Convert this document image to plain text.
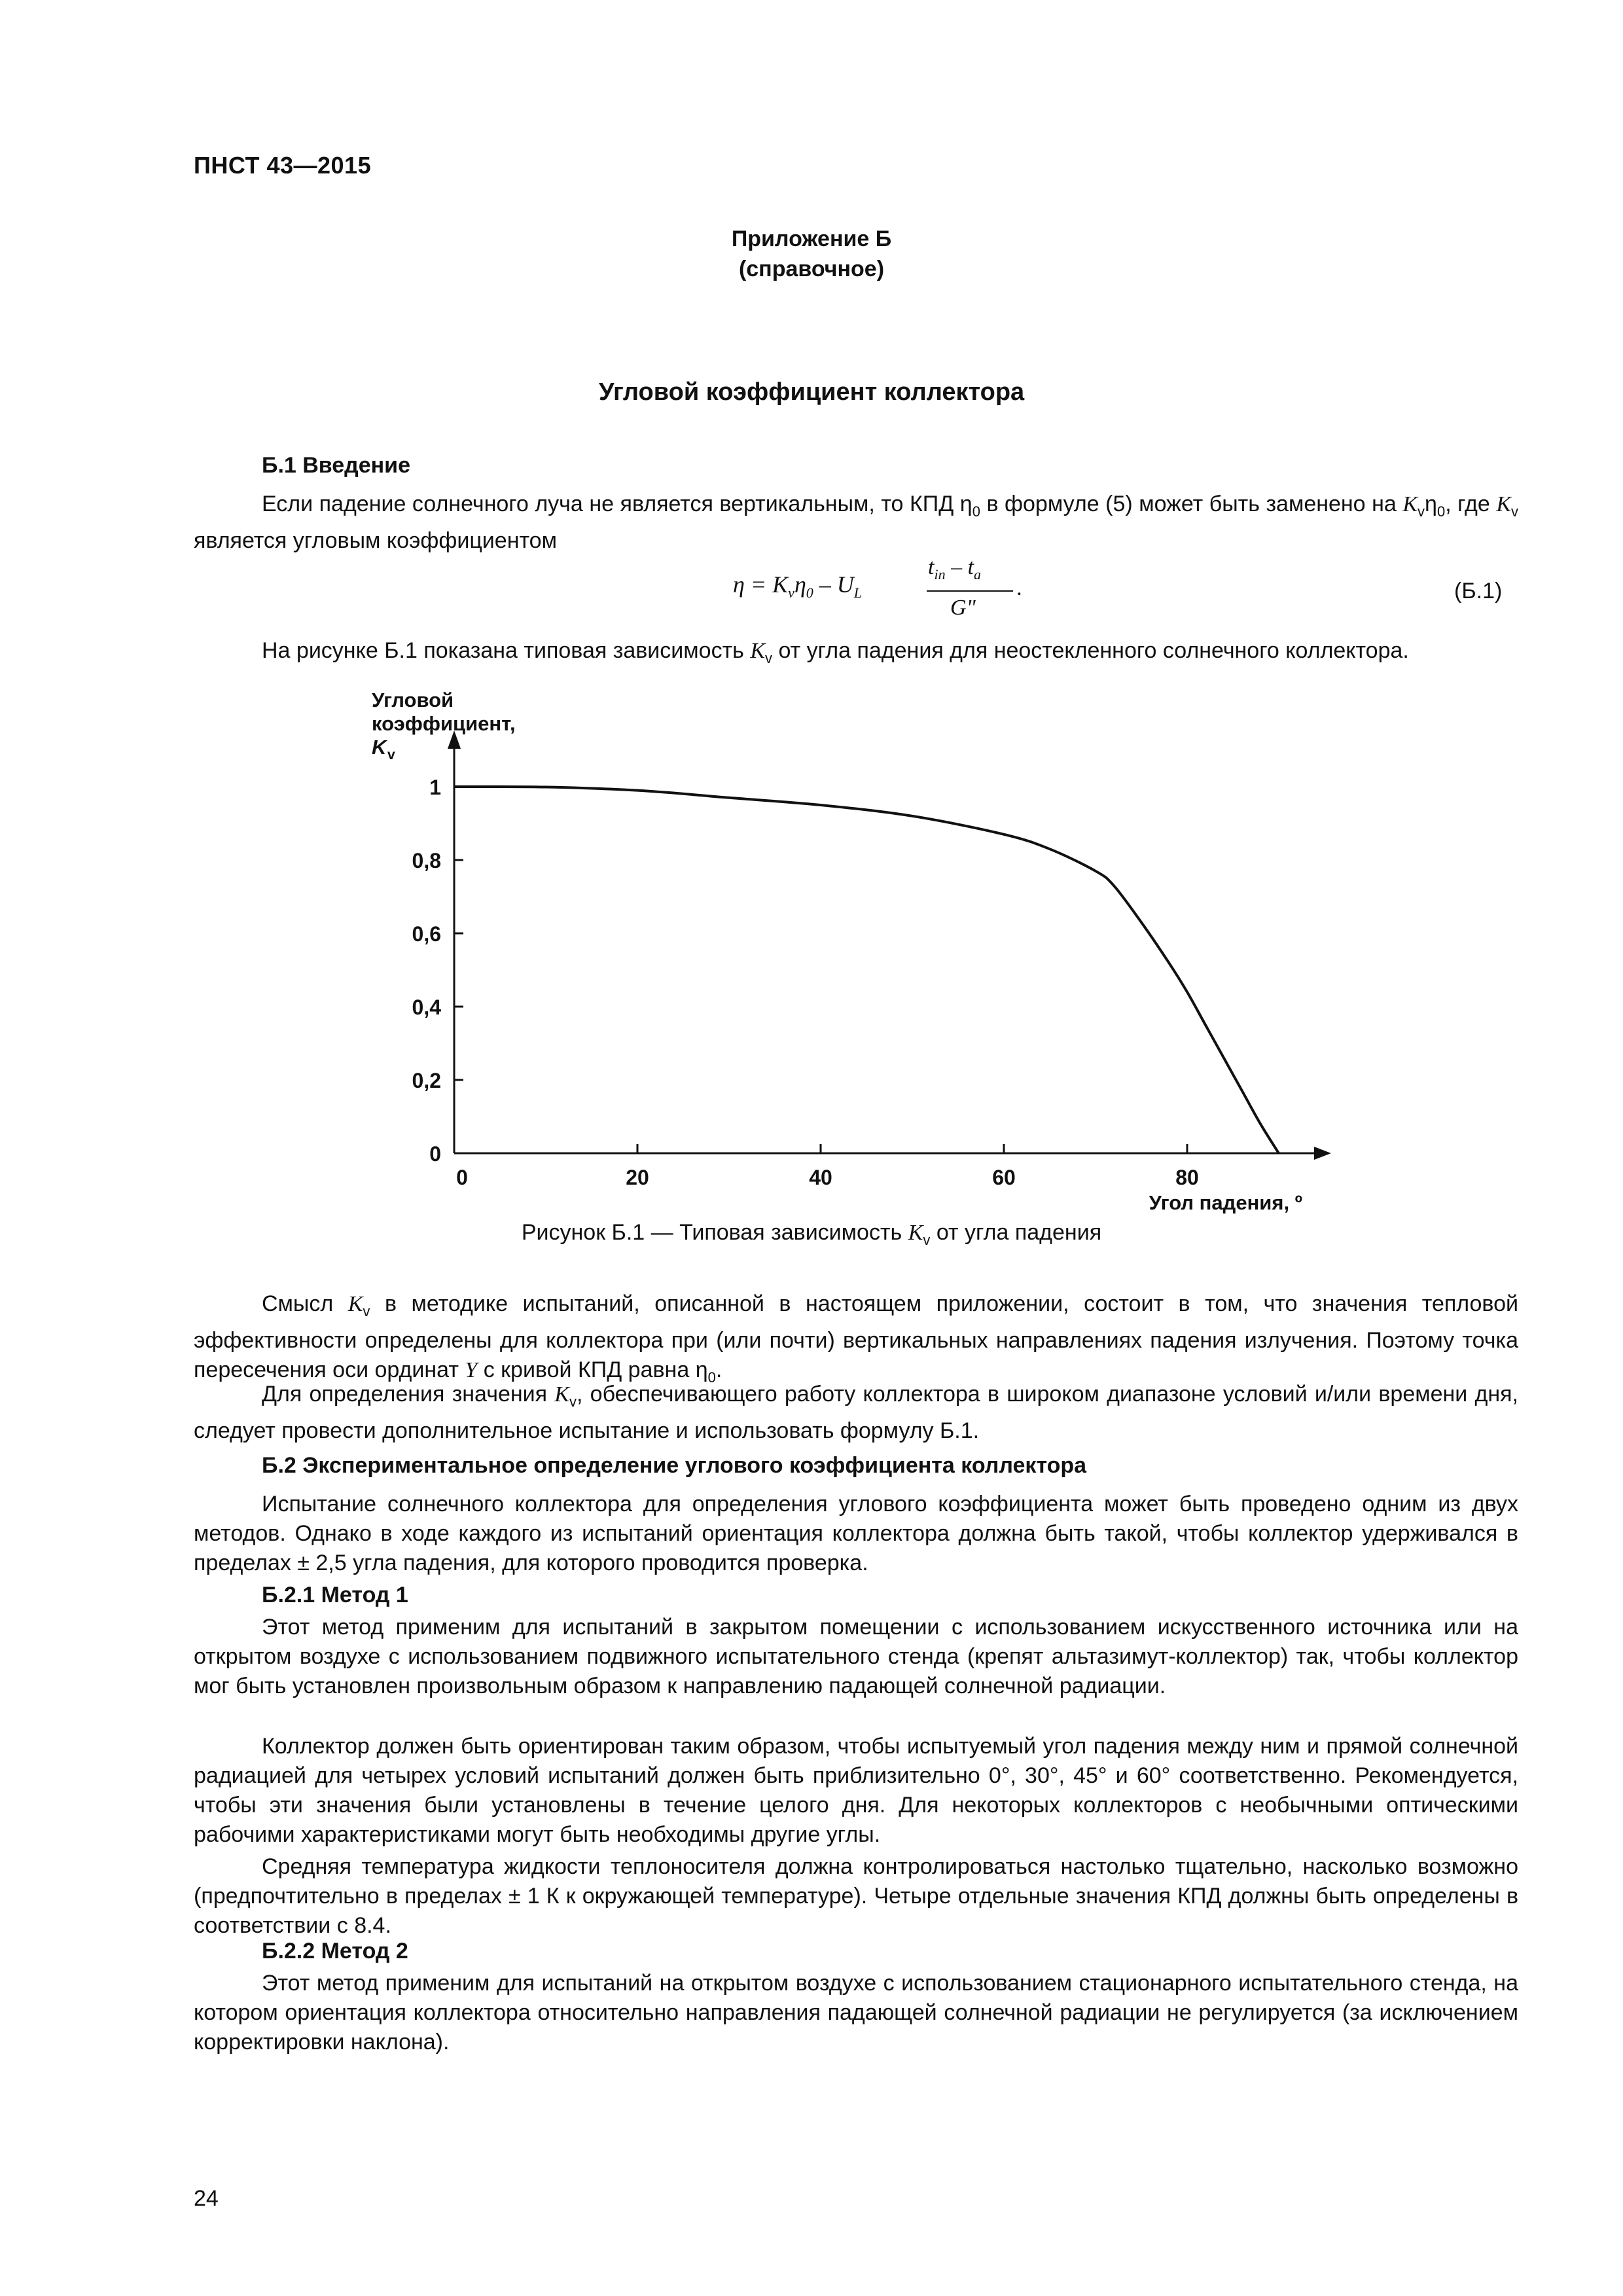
ПНСТ 43—2015
Приложение Б
(справочное)
Угловой коэффициент коллектора
Б.1 Введение
Если падение солнечного луча не является вертикальным, то КПД $\eta_0$ в формуле (5) может быть заменено на $K_v\eta_0$, где $K_v$ является угловым коэффициентом
$\eta = K_v\eta_0 - U_L$
$t_{in} - t_a$
G"
.	(Б.1)
На рисунке Б.1 показана типовая зависимость $K_v$ от угла падения для неостекленного солнечного коллектора.
0
0,2
0,4
0,6
0,8
1
0	20	40	60	80
Угловой
коэффициент,
K v
Угол падения, º
Рисунок Б.1 — Типовая зависимость $K_v$ от угла падения
Смысл $K_v$ в методике испытаний, описанной в настоящем приложении, состоит в том, что значения тепловой эффективности определены для коллектора при (или почти) вертикальных направлениях падения излучения. Поэтому точка пересечения оси ординат Y с кривой КПД равна $\eta_0$.
Для определения значения $K_v$, обеспечивающего работу коллектора в широком диапазоне условий и/или времени дня, следует провести дополнительное испытание и использовать формулу Б.1.
Б.2 Экспериментальное определение углового коэффициента коллектора
Испытание солнечного коллектора для определения углового коэффициента может быть проведено одним из двух методов. Однако в ходе каждого из испытаний ориентация коллектора должна быть такой, чтобы коллектор удерживался в пределах ± 2,5 угла падения, для которого проводится проверка.
Б.2.1 Метод 1
Этот метод применим для испытаний в закрытом помещении с использованием искусственного источника или на открытом воздухе с использованием подвижного испытательного стенда (крепят альтазимут-коллектор) так, чтобы коллектор мог быть установлен произвольным образом к направлению падающей солнечной радиации.
Коллектор должен быть ориентирован таким образом, чтобы испытуемый угол падения между ним и прямой солнечной радиацией для четырех условий испытаний должен быть приблизительно 0°, 30°, 45° и 60° соответственно. Рекомендуется, чтобы эти значения были установлены в течение целого дня. Для некоторых коллекторов с необычными оптическими рабочими характеристиками могут быть необходимы другие углы.
Средняя температура жидкости теплоносителя должна контролироваться настолько тщательно, насколько возможно (предпочтительно в пределах ± 1 К к окружающей температуре). Четыре отдельные значения КПД должны быть определены в соответствии с 8.4.
Б.2.2 Метод 2
Этот метод применим для испытаний на открытом воздухе с использованием стационарного испытательного стенда, на котором ориентация коллектора относительно направления падающей солнечной радиации не регулируется (за исключением корректировки наклона).
24
